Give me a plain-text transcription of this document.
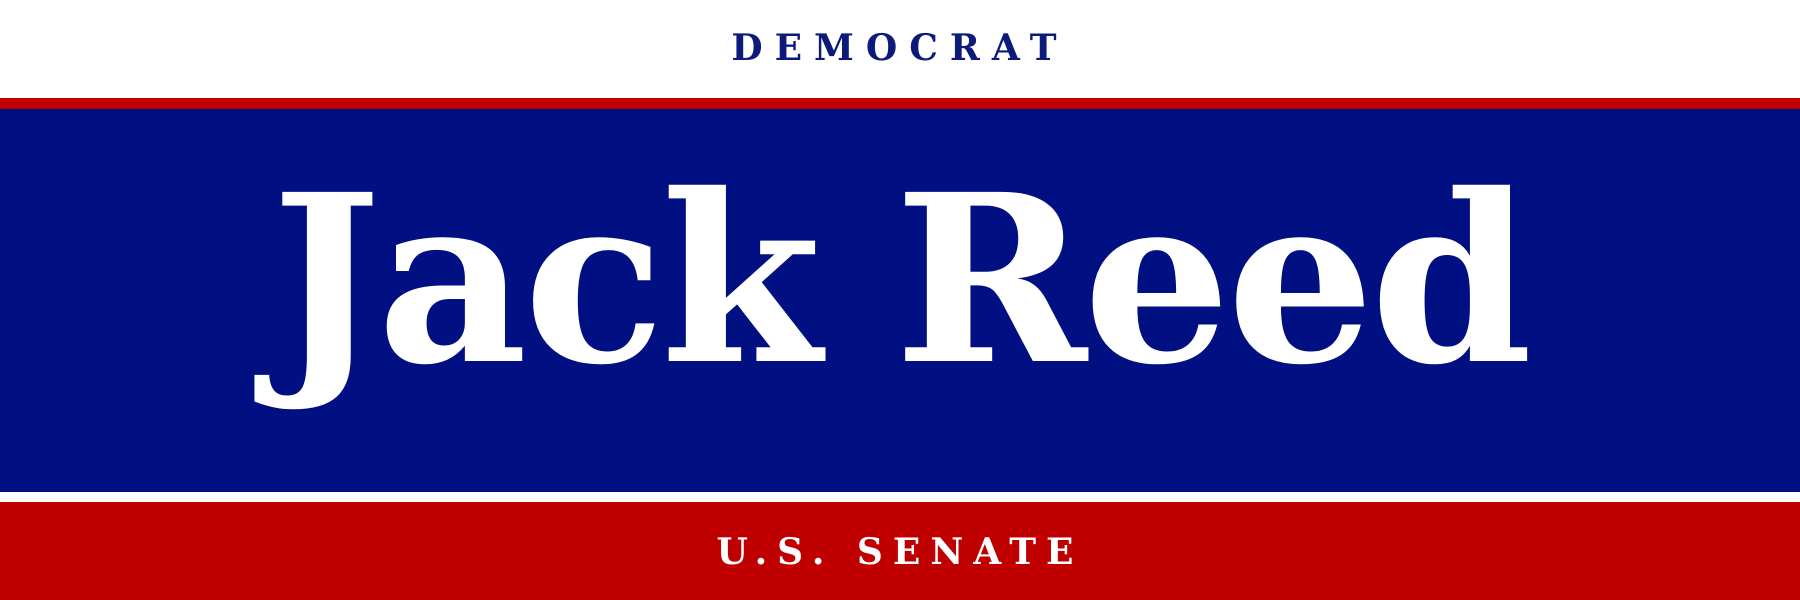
DEMOCRAT
Jack Reed
U.S. SENATE
